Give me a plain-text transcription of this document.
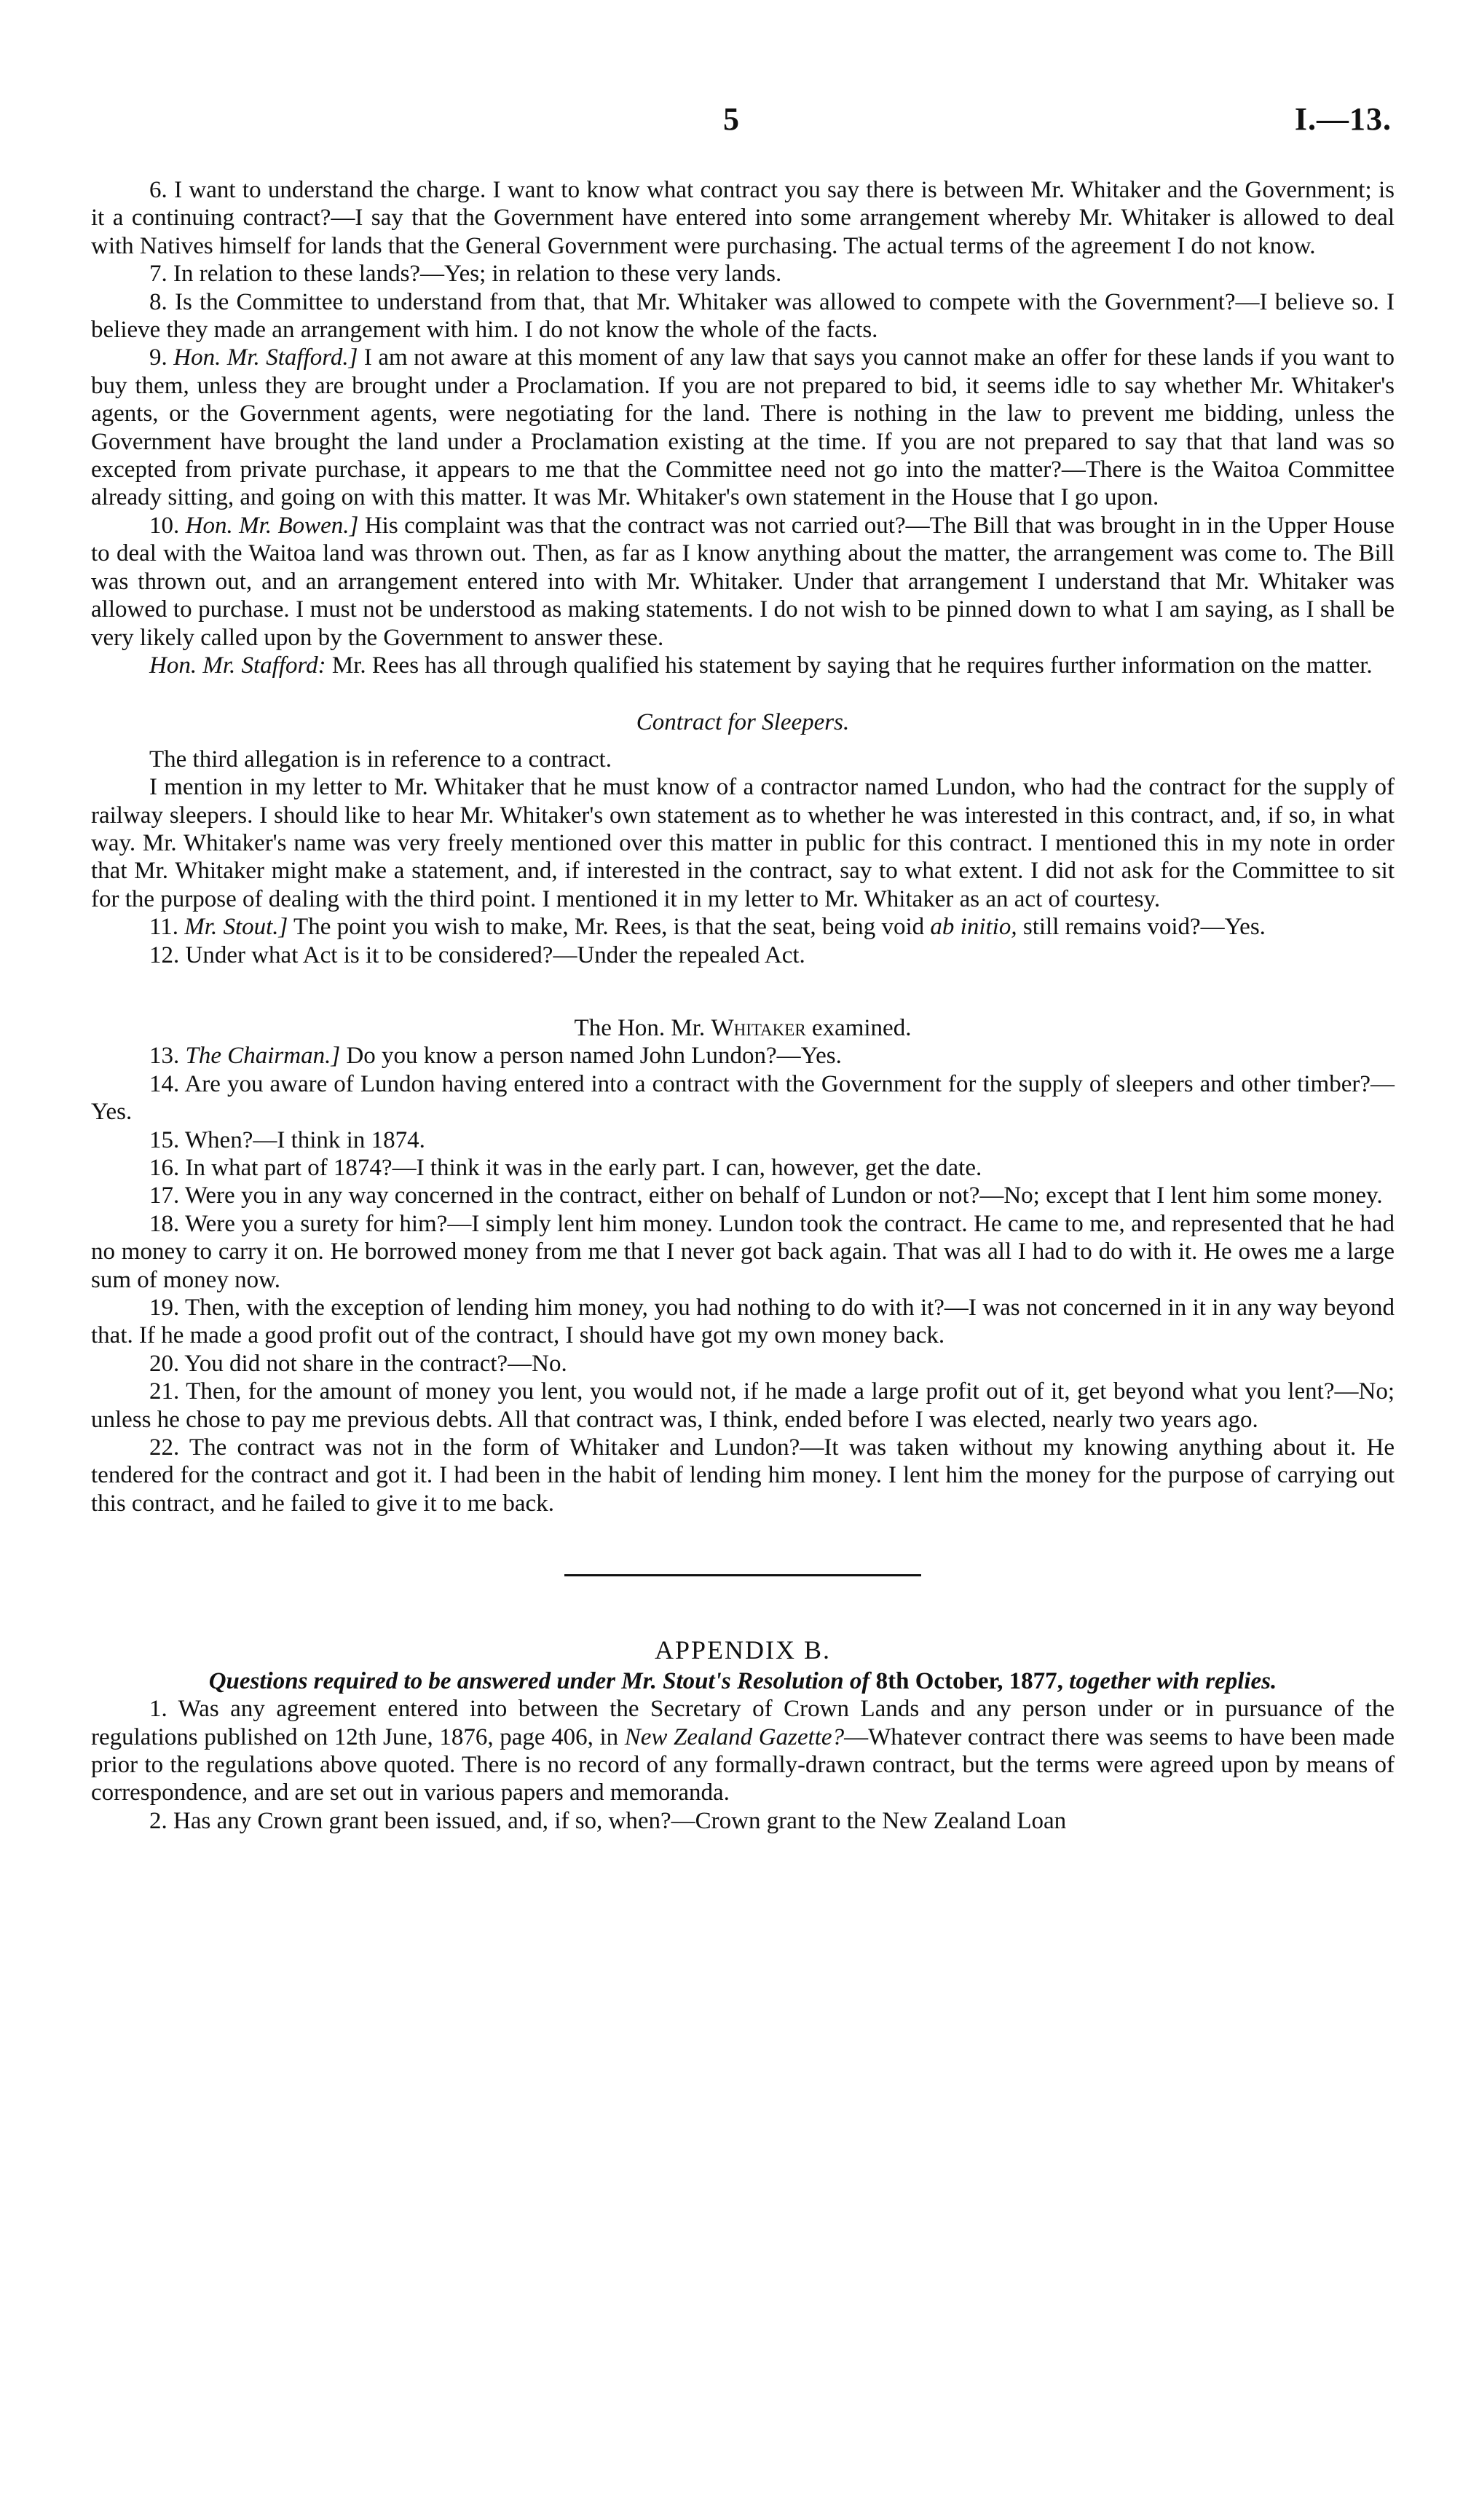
5	I.—13.

6. I want to understand the charge. I want to know what contract you say there is between Mr. Whitaker and the Government; is it a continuing contract?—I say that the Government have entered into some arrangement whereby Mr. Whitaker is allowed to deal with Natives himself for lands that the General Government were purchasing. The actual terms of the agreement I do not know.

7. In relation to these lands?—Yes; in relation to these very lands.

8. Is the Committee to understand from that, that Mr. Whitaker was allowed to compete with the Government?—I believe so. I believe they made an arrangement with him. I do not know the whole of the facts.

9. Hon. Mr. Stafford.] I am not aware at this moment of any law that says you cannot make an offer for these lands if you want to buy them, unless they are brought under a Proclamation. If you are not prepared to bid, it seems idle to say whether Mr. Whitaker's agents, or the Government agents, were negotiating for the land. There is nothing in the law to prevent me bidding, unless the Government have brought the land under a Proclamation existing at the time. If you are not prepared to say that that land was so excepted from private purchase, it appears to me that the Committee need not go into the matter?—There is the Waitoa Committee already sitting, and going on with this matter. It was Mr. Whitaker's own statement in the House that I go upon.

10. Hon. Mr. Bowen.] His complaint was that the contract was not carried out?—The Bill that was brought in in the Upper House to deal with the Waitoa land was thrown out. Then, as far as I know anything about the matter, the arrangement was come to. The Bill was thrown out, and an arrangement entered into with Mr. Whitaker. Under that arrangement I understand that Mr. Whitaker was allowed to purchase. I must not be understood as making statements. I do not wish to be pinned down to what I am saying, as I shall be very likely called upon by the Government to answer these.

Hon. Mr. Stafford: Mr. Rees has all through qualified his statement by saying that he requires further information on the matter.

Contract for Sleepers.

The third allegation is in reference to a contract.

I mention in my letter to Mr. Whitaker that he must know of a contractor named Lundon, who had the contract for the supply of railway sleepers. I should like to hear Mr. Whitaker's own statement as to whether he was interested in this contract, and, if so, in what way. Mr. Whitaker's name was very freely mentioned over this matter in public for this contract. I mentioned this in my note in order that Mr. Whitaker might make a statement, and, if interested in the contract, say to what extent. I did not ask for the Committee to sit for the purpose of dealing with the third point. I mentioned it in my letter to Mr. Whitaker as an act of courtesy.

11. Mr. Stout.] The point you wish to make, Mr. Rees, is that the seat, being void ab initio, still remains void?—Yes.

12. Under what Act is it to be considered?—Under the repealed Act.

The Hon. Mr. Whitaker examined.

13. The Chairman.] Do you know a person named John Lundon?—Yes.

14. Are you aware of Lundon having entered into a contract with the Government for the supply of sleepers and other timber?—Yes.

15. When?—I think in 1874.

16. In what part of 1874?—I think it was in the early part. I can, however, get the date.

17. Were you in any way concerned in the contract, either on behalf of Lundon or not?—No; except that I lent him some money.

18. Were you a surety for him?—I simply lent him money. Lundon took the contract. He came to me, and represented that he had no money to carry it on. He borrowed money from me that I never got back again. That was all I had to do with it. He owes me a large sum of money now.

19. Then, with the exception of lending him money, you had nothing to do with it?—I was not concerned in it in any way beyond that. If he made a good profit out of the contract, I should have got my own money back.

20. You did not share in the contract?—No.

21. Then, for the amount of money you lent, you would not, if he made a large profit out of it, get beyond what you lent?—No; unless he chose to pay me previous debts. All that contract was, I think, ended before I was elected, nearly two years ago.

22. The contract was not in the form of Whitaker and Lundon?—It was taken without my knowing anything about it. He tendered for the contract and got it. I had been in the habit of lending him money. I lent him the money for the purpose of carrying out this contract, and he failed to give it to me back.

APPENDIX B.

Questions required to be answered under Mr. Stout's Resolution of 8th October, 1877, together with replies.

1. Was any agreement entered into between the Secretary of Crown Lands and any person under or in pursuance of the regulations published on 12th June, 1876, page 406, in New Zealand Gazette?—Whatever contract there was seems to have been made prior to the regulations above quoted. There is no record of any formally-drawn contract, but the terms were agreed upon by means of correspondence, and are set out in various papers and memoranda.

2. Has any Crown grant been issued, and, if so, when?—Crown grant to the New Zealand Loan
